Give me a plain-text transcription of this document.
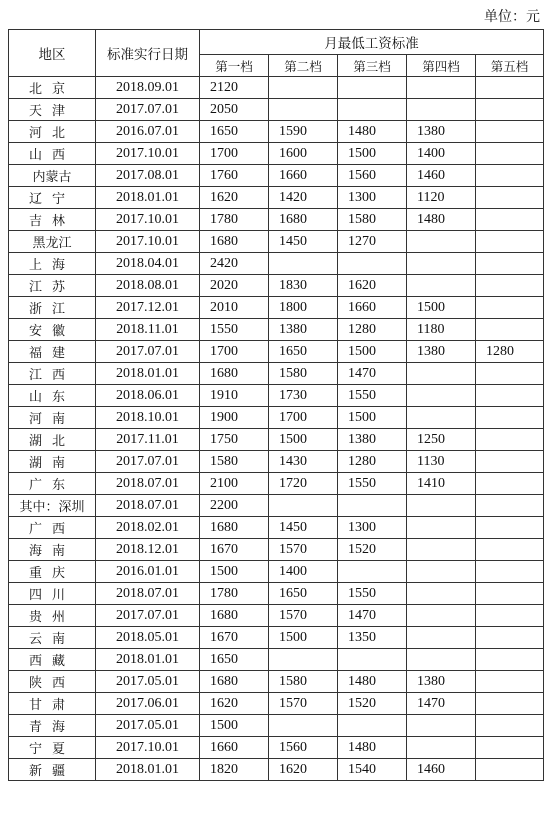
单位：元
地区	标准实行日期	月最低工资标准				
		第一档	第二档	第三档	第四档	第五档
北京	2018.09.01	2120				
天津	2017.07.01	2050				
河北	2016.07.01	1650	1590	1480	1380	
山西	2017.10.01	1700	1600	1500	1400	
内蒙古	2017.08.01	1760	1660	1560	1460	
辽宁	2018.01.01	1620	1420	1300	1120	
吉林	2017.10.01	1780	1680	1580	1480	
黑龙江	2017.10.01	1680	1450	1270		
上海	2018.04.01	2420				
江苏	2018.08.01	2020	1830	1620		
浙江	2017.12.01	2010	1800	1660	1500	
安徽	2018.11.01	1550	1380	1280	1180	
福建	2017.07.01	1700	1650	1500	1380	1280
江西	2018.01.01	1680	1580	1470		
山东	2018.06.01	1910	1730	1550		
河南	2018.10.01	1900	1700	1500		
湖北	2017.11.01	1750	1500	1380	1250	
湖南	2017.07.01	1580	1430	1280	1130	
广东	2018.07.01	2100	1720	1550	1410	
其中：深圳	2018.07.01	2200				
广西	2018.02.01	1680	1450	1300		
海南	2018.12.01	1670	1570	1520		
重庆	2016.01.01	1500	1400			
四川	2018.07.01	1780	1650	1550		
贵州	2017.07.01	1680	1570	1470		
云南	2018.05.01	1670	1500	1350		
西藏	2018.01.01	1650				
陕西	2017.05.01	1680	1580	1480	1380	
甘肃	2017.06.01	1620	1570	1520	1470	
青海	2017.05.01	1500				
宁夏	2017.10.01	1660	1560	1480		
新疆	2018.01.01	1820	1620	1540	1460	
